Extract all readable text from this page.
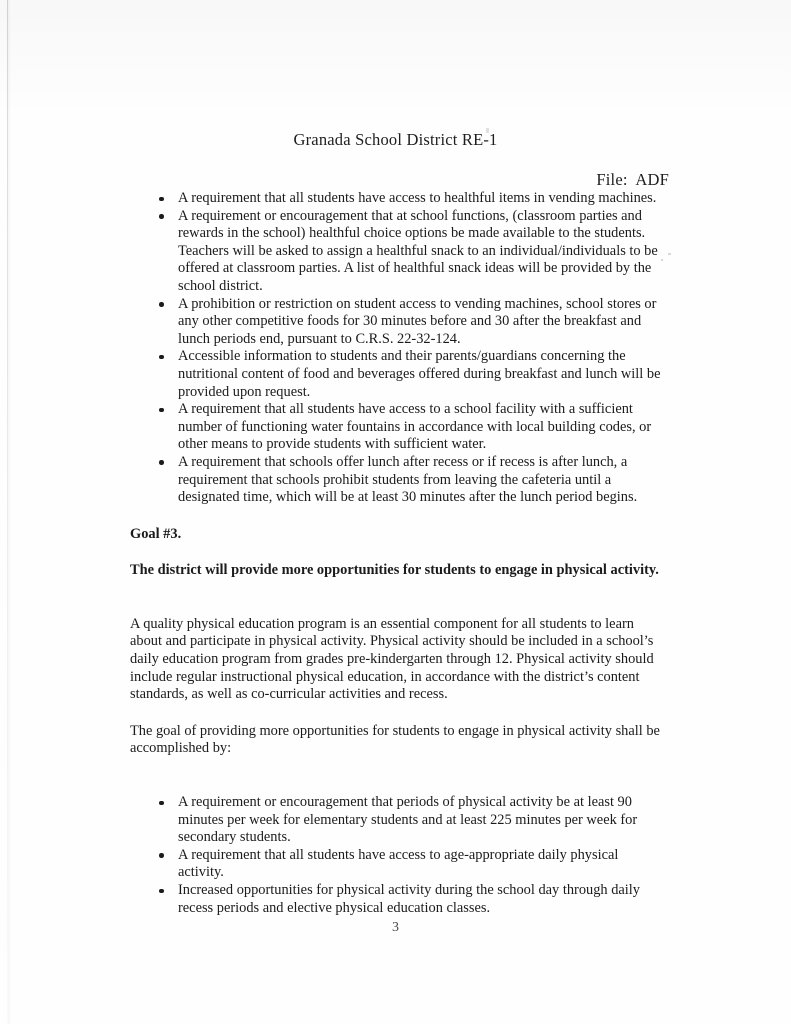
Granada School District RE-1
File:  ADF
A requirement that all students have access to healthful items in vending machines.
A requirement or encouragement that at school functions, (classroom parties and rewards in the school) healthful choice options be made available to the students. Teachers will be asked to assign a healthful snack to an individual/individuals to be offered at classroom parties. A list of healthful snack ideas will be provided by the school district.
A prohibition or restriction on student access to vending machines, school stores or any other competitive foods for 30 minutes before and 30 after the breakfast and lunch periods end, pursuant to C.R.S. 22-32-124.
Accessible information to students and their parents/guardians concerning the nutritional content of food and beverages offered during breakfast and lunch will be provided upon request.
A requirement that all students have access to a school facility with a sufficient number of functioning water fountains in accordance with local building codes, or other means to provide students with sufficient water.
A requirement that schools offer lunch after recess or if recess is after lunch, a requirement that schools prohibit students from leaving the cafeteria until a designated time, which will be at least 30 minutes after the lunch period begins.
Goal #3.

The district will provide more opportunities for students to engage in physical activity.

A quality physical education program is an essential component for all students to learn about and participate in physical activity. Physical activity should be included in a school’s daily education program from grades pre-kindergarten through 12. Physical activity should include regular instructional physical education, in accordance with the district’s content standards, as well as co-curricular activities and recess.

The goal of providing more opportunities for students to engage in physical activity shall be accomplished by:

A requirement or encouragement that periods of physical activity be at least 90 minutes per week for elementary students and at least 225 minutes per week for secondary students.
A requirement that all students have access to age-appropriate daily physical activity.
Increased opportunities for physical activity during the school day through daily recess periods and elective physical education classes.
3
